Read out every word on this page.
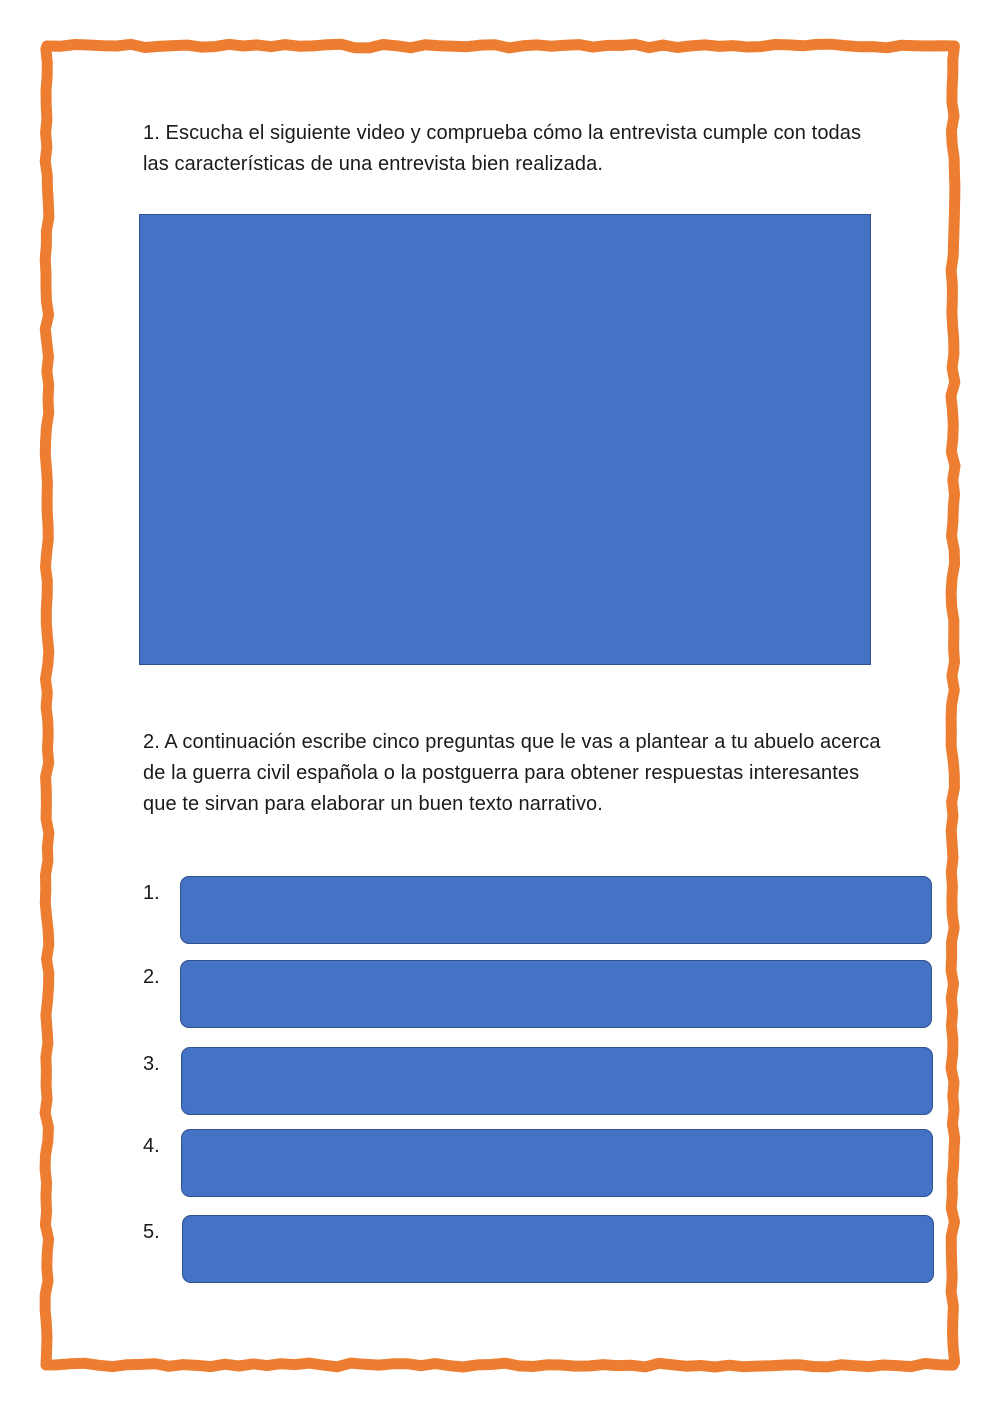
1. Escucha el siguiente video y comprueba cómo la entrevista cumple con todas las características de una entrevista bien realizada.
2. A continuación escribe cinco preguntas que le vas a plantear a tu abuelo acerca de la guerra civil española o la postguerra para obtener respuestas interesantes que te sirvan para elaborar un buen texto narrativo.
1.
2.
3.
4.
5.
